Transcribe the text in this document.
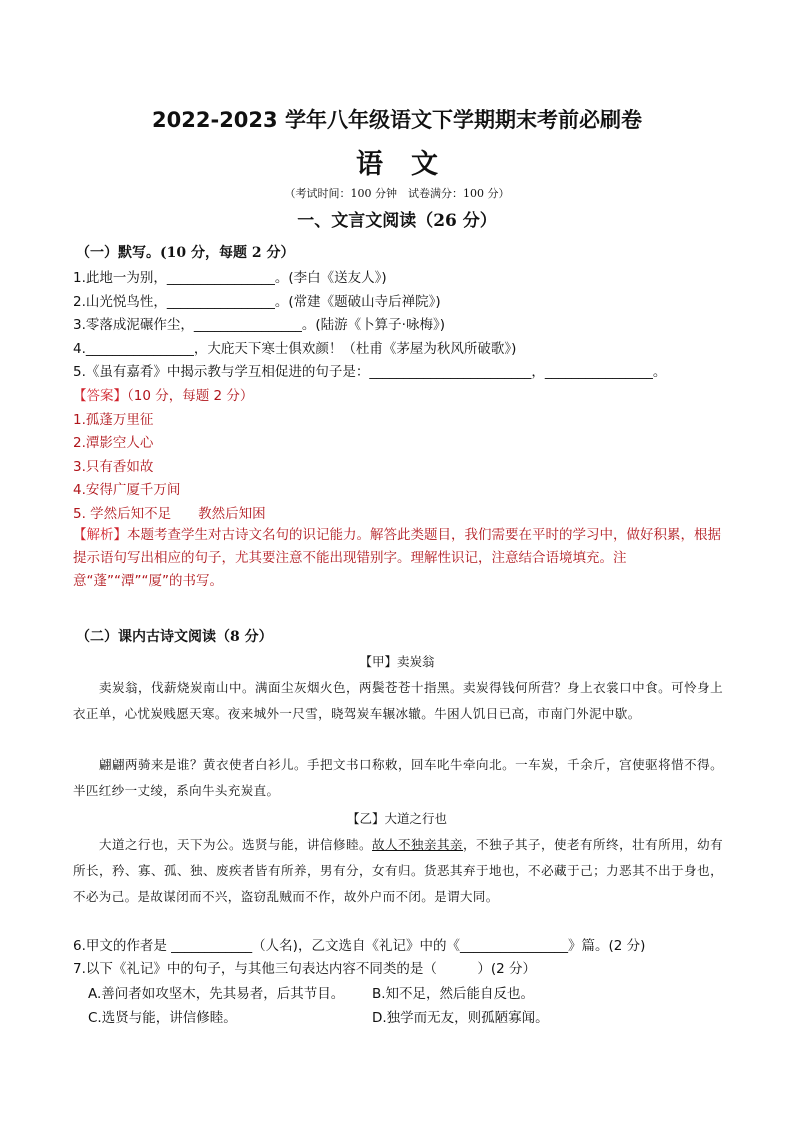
2022-2023 学年八年级语文下学期期末考前必刷卷
语文
（考试时间：100 分钟　试卷满分：100 分）
一、文言文阅读（26 分）
（一）默写。(10 分，每题 2 分）
1.此地一为别，________________。(李白《送友人》)
2.山光悦鸟性，________________。(常建《题破山寺后禅院》)
3.零落成泥碾作尘，________________。(陆游《卜算子·咏梅》)
4.________________，大庇天下寒士俱欢颜！（杜甫《茅屋为秋风所破歌》)
5.《虽有嘉肴》中揭示教与学互相促进的句子是：________________________，________________。
【答案】（10 分，每题 2 分）
1.孤蓬万里征
2.潭影空人心
3.只有香如故
4.安得广厦千万间
5. 学然后知不足　　教然后知困
【解析】本题考查学生对古诗文名句的识记能力。解答此类题目，我们需要在平时的学习中，做好积累，根据提示语句写出相应的句子，尤其要注意不能出现错别字。理解性识记，注意结合语境填充。注意“蓬”“潭”“厦”的书写。
（二）课内古诗文阅读（8 分）
【甲】卖炭翁
卖炭翁，伐薪烧炭南山中。满面尘灰烟火色，两鬓苍苍十指黑。卖炭得钱何所营？身上衣裳口中食。可怜身上衣正单，心忧炭贱愿天寒。夜来城外一尺雪，晓驾炭车辗冰辙。牛困人饥日已高，市南门外泥中歇。
翩翩两骑来是谁？黄衣使者白衫儿。手把文书口称敕，回车叱牛牵向北。一车炭，千余斤，宫使驱将惜不得。半匹红纱一丈绫，系向牛头充炭直。
【乙】大道之行也
大道之行也，天下为公。选贤与能，讲信修睦。故人不独亲其亲，不独子其子，使老有所终，壮有所用，幼有所长，矜、寡、孤、独、废疾者皆有所养，男有分，女有归。货恶其弃于地也，不必藏于己；力恶其不出于身也，不必为己。是故谋闭而不兴，盗窃乱贼而不作，故外户而不闭。是谓大同。
6.甲文的作者是 ____________（人名)，乙文选自《礼记》中的《________________》篇。(2 分)
7.以下《礼记》中的句子，与其他三句表达内容不同类的是（　　　）(2 分）
A.善问者如攻坚木，先其易者，后其节目。 B.知不足，然后能自反也。
C.选贤与能，讲信修睦。	D.独学而无友，则孤陋寡闻。
